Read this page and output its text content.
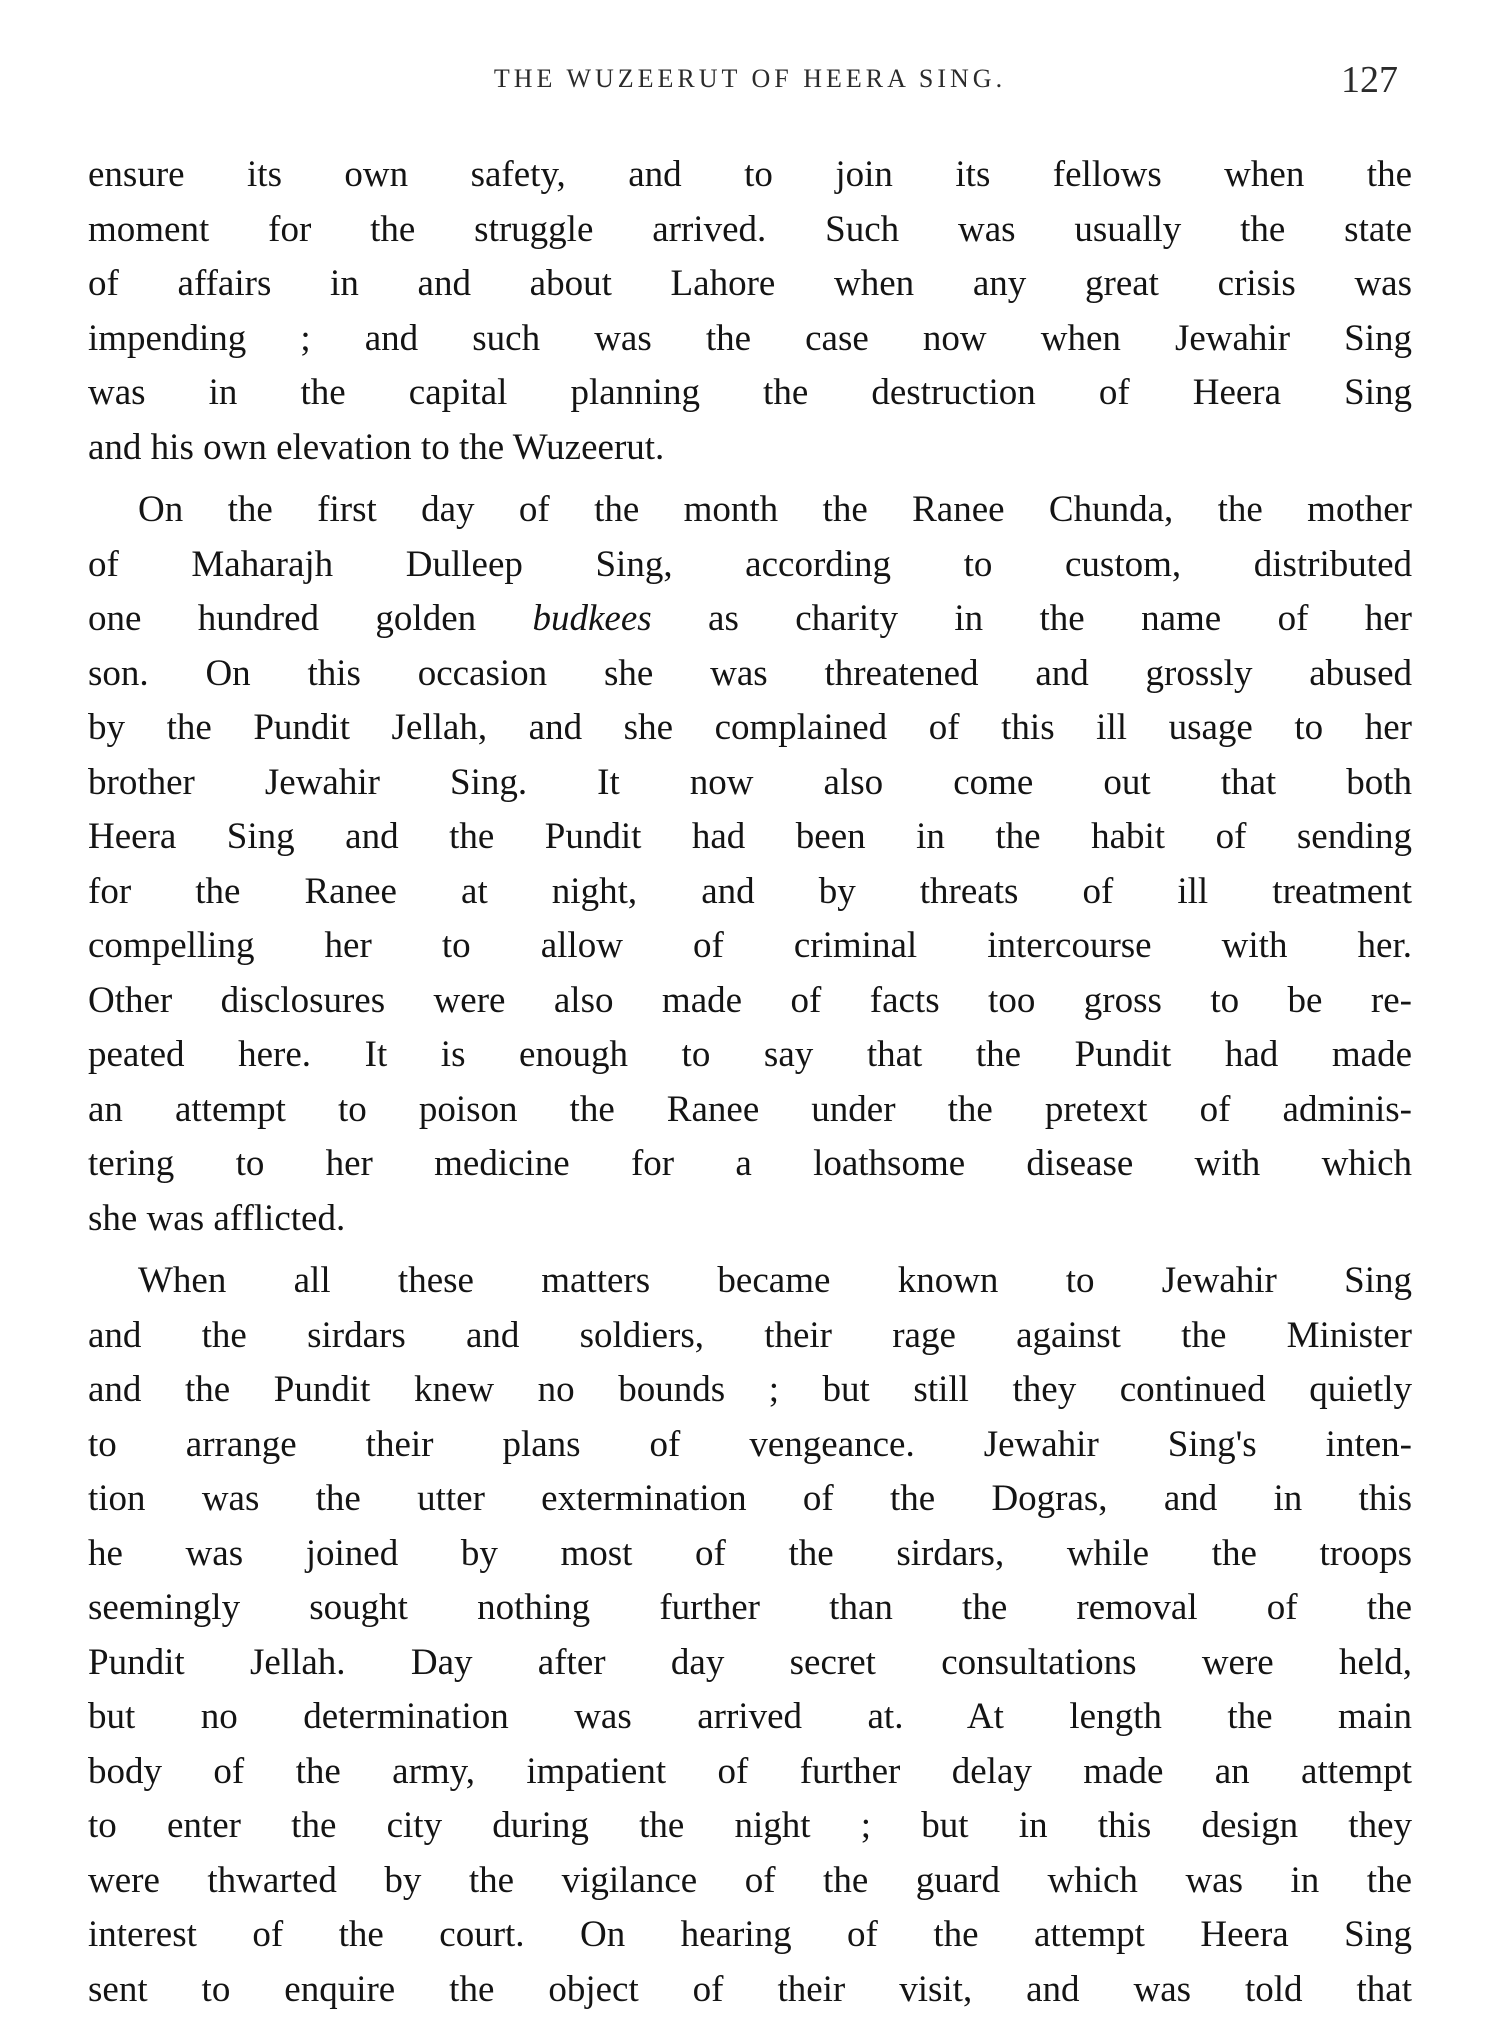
THE WUZEERUT OF HEERA SING.	127
ensure its own safety, and to join its fellows when the
moment for the struggle arrived. Such was usually the state
of affairs in and about Lahore when any great crisis was
impending ; and such was the case now when Jewahir Sing
was in the capital planning the destruction of Heera Sing
and his own elevation to the Wuzeerut.
On the first day of the month the Ranee Chunda, the mother
of Maharajh Dulleep Sing, according to custom, distributed
one hundred golden budkees as charity in the name of her
son. On this occasion she was threatened and grossly abused
by the Pundit Jellah, and she complained of this ill usage to her
brother Jewahir Sing. It now also come out that both
Heera Sing and the Pundit had been in the habit of sending
for the Ranee at night, and by threats of ill treatment
compelling her to allow of criminal intercourse with her.
Other disclosures were also made of facts too gross to be re-
peated here. It is enough to say that the Pundit had made
an attempt to poison the Ranee under the pretext of adminis-
tering to her medicine for a loathsome disease with which
she was afflicted.
When all these matters became known to Jewahir Sing
and the sirdars and soldiers, their rage against the Minister
and the Pundit knew no bounds ; but still they continued quietly
to arrange their plans of vengeance. Jewahir Sing's inten-
tion was the utter extermination of the Dogras, and in this
he was joined by most of the sirdars, while the troops
seemingly sought nothing further than the removal of the
Pundit Jellah. Day after day secret consultations were held,
but no determination was arrived at. At length the main
body of the army, impatient of further delay made an attempt
to enter the city during the night ; but in this design they
were thwarted by the vigilance of the guard which was in the
interest of the court. On hearing of the attempt Heera Sing
sent to enquire the object of their visit, and was told that
